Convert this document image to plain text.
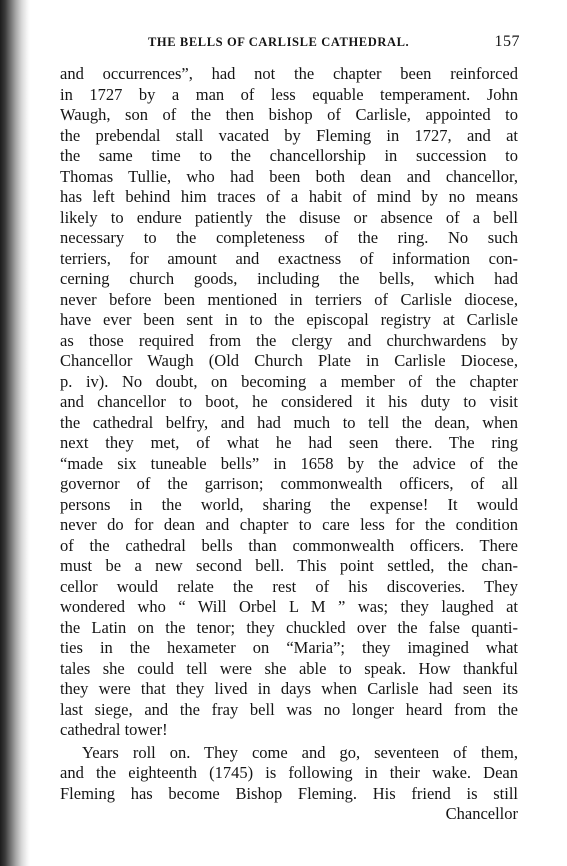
THE BELLS OF CARLISLE CATHEDRAL.	157
and occurrences”, had not the chapter been reinforced
in 1727 by a man of less equable temperament. John
Waugh, son of the then bishop of Carlisle, appointed to
the prebendal stall vacated by Fleming in 1727, and at
the same time to the chancellorship in succession to
Thomas Tullie, who had been both dean and chancellor,
has left behind him traces of a habit of mind by no means
likely to endure patiently the disuse or absence of a bell
necessary to the completeness of the ring. No such
terriers, for amount and exactness of information con-
cerning church goods, including the bells, which had
never before been mentioned in terriers of Carlisle diocese,
have ever been sent in to the episcopal registry at Carlisle
as those required from the clergy and churchwardens by
Chancellor Waugh (Old Church Plate in Carlisle Diocese,
p. iv). No doubt, on becoming a member of the chapter
and chancellor to boot, he considered it his duty to visit
the cathedral belfry, and had much to tell the dean, when
next they met, of what he had seen there. The ring
“made six tuneable bells” in 1658 by the advice of the
governor of the garrison; commonwealth officers, of all
persons in the world, sharing the expense! It would
never do for dean and chapter to care less for the condition
of the cathedral bells than commonwealth officers. There
must be a new second bell. This point settled, the chan-
cellor would relate the rest of his discoveries. They
wondered who “ Will Orbel L M ” was; they laughed at
the Latin on the tenor; they chuckled over the false quanti-
ties in the hexameter on “Maria”; they imagined what
tales she could tell were she able to speak. How thankful
they were that they lived in days when Carlisle had seen its
last siege, and the fray bell was no longer heard from the
cathedral tower!
Years roll on. They come and go, seventeen of them,
and the eighteenth (1745) is following in their wake. Dean
Fleming has become Bishop Fleming. His friend is still
Chancellor
